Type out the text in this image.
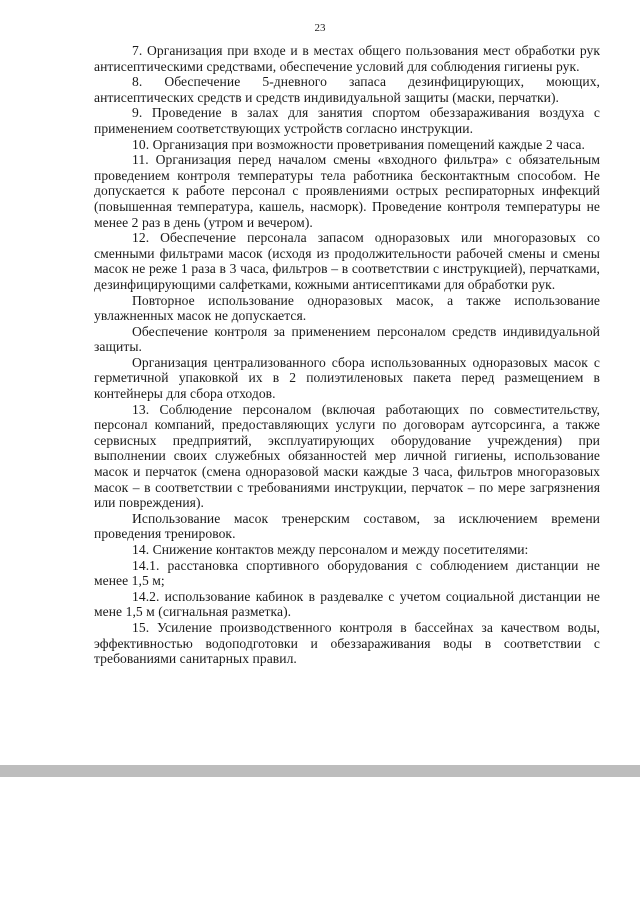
23

7. Организация при входе и в местах общего пользования мест обработки рук антисептическими средствами, обеспечение условий для соблюдения гигиены рук.

8. Обеспечение 5-дневного запаса дезинфицирующих, моющих, антисептических средств и средств индивидуальной защиты (маски, перчатки).

9. Проведение в залах для занятия спортом обеззараживания воздуха с применением соответствующих устройств согласно инструкции.

10. Организация при возможности проветривания помещений каждые 2 часа.

11. Организация перед началом смены «входного фильтра» с обязательным проведением контроля температуры тела работника бесконтактным способом. Не допускается к работе персонал с проявлениями острых респираторных инфекций (повышенная температура, кашель, насморк). Проведение контроля температуры не менее 2 раз в день (утром и вечером).

12. Обеспечение персонала запасом одноразовых или многоразовых со сменными фильтрами масок (исходя из продолжительности рабочей смены и смены масок не реже 1 раза в 3 часа, фильтров – в соответствии с инструкцией), перчатками, дезинфицирующими салфетками, кожными антисептиками для обработки рук.

Повторное использование одноразовых масок, а также использование увлажненных масок не допускается.

Обеспечение контроля за применением персоналом средств индивидуальной защиты.

Организация централизованного сбора использованных одноразовых масок с герметичной упаковкой их в 2 полиэтиленовых пакета перед размещением в контейнеры для сбора отходов.

13. Соблюдение персоналом (включая работающих по совместительству, персонал компаний, предоставляющих услуги по договорам аутсорсинга, а также сервисных предприятий, эксплуатирующих оборудование учреждения) при выполнении своих служебных обязанностей мер личной гигиены, использование масок и перчаток (смена одноразовой маски каждые 3 часа, фильтров многоразовых масок – в соответствии с требованиями инструкции, перчаток – по мере загрязнения или повреждения).

Использование масок тренерским составом, за исключением времени проведения тренировок.

14. Снижение контактов между персоналом и между посетителями:

14.1. расстановка спортивного оборудования с соблюдением дистанции не менее 1,5 м;

14.2. использование кабинок в раздевалке с учетом социальной дистанции не мене 1,5 м (сигнальная разметка).

15. Усиление производственного контроля в бассейнах за качеством воды, эффективностью водоподготовки и обеззараживания воды в соответствии с требованиями санитарных правил.
